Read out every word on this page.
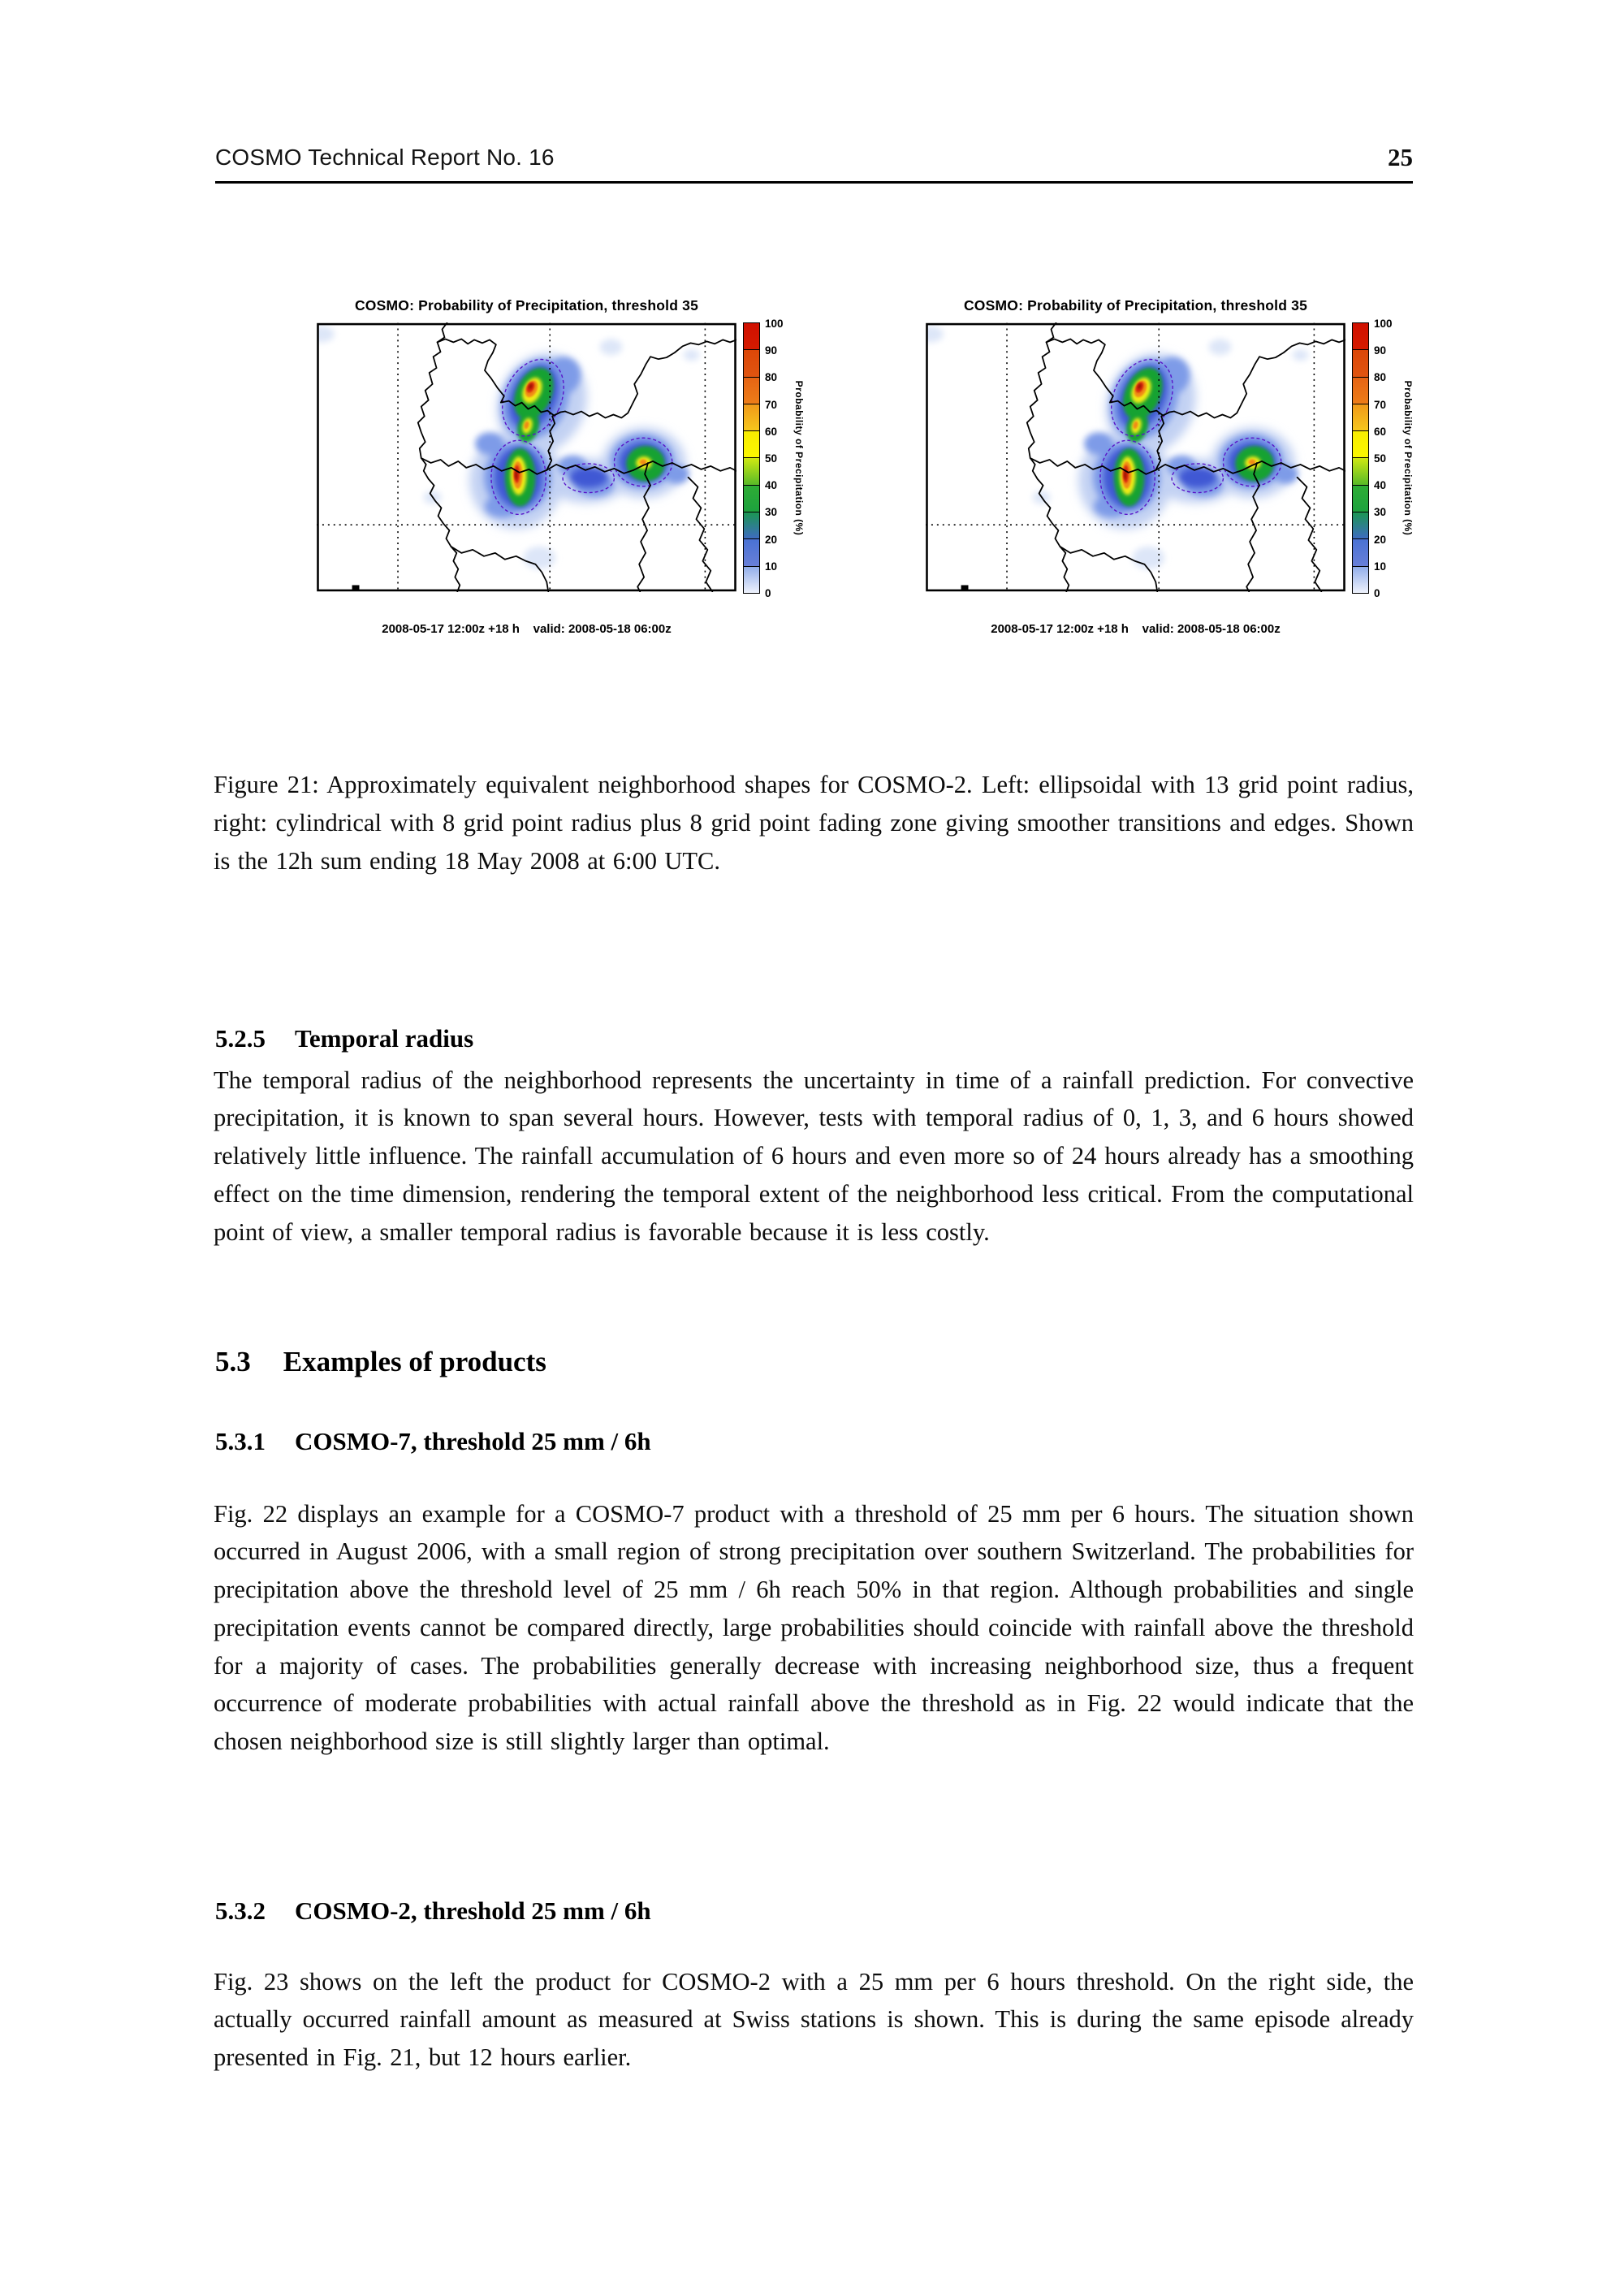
COSMO Technical Report No. 16	25
COSMO: Probability of Precipitation, threshold 35
100
90
80
70
60
50
40
30
20
10
0
Probability of Precipitation (%)
2008-05-17 12:00z +18 h    valid: 2008-05-18 06:00z
COSMO: Probability of Precipitation, threshold 35
100
90
80
70
60
50
40
30
20
10
0
Probability of Precipitation (%)
2008-05-17 12:00z +18 h    valid: 2008-05-18 06:00z

Figure 21: Approximately equivalent neighborhood shapes for COSMO-2. Left: ellipsoidal with 13 grid point radius, right: cylindrical with 8 grid point radius plus 8 grid point fading zone giving smoother transitions and edges. Shown is the 12h sum ending 18 May 2008 at 6:00 UTC.

5.2.5 Temporal radius

The temporal radius of the neighborhood represents the uncertainty in time of a rainfall prediction. For convective precipitation, it is known to span several hours. However, tests with temporal radius of 0, 1, 3, and 6 hours showed relatively little influence. The rainfall accumulation of 6 hours and even more so of 24 hours already has a smoothing effect on the time dimension, rendering the temporal extent of the neighborhood less critical. From the computational point of view, a smaller temporal radius is favorable because it is less costly.

5.3 Examples of products
5.3.1 COSMO-7, threshold 25 mm / 6h

Fig. 22 displays an example for a COSMO-7 product with a threshold of 25 mm per 6 hours. The situation shown occurred in August 2006, with a small region of strong precipitation over southern Switzerland. The probabilities for precipitation above the threshold level of 25 mm / 6h reach 50% in that region. Although probabilities and single precipitation events cannot be compared directly, large probabilities should coincide with rainfall above the threshold for a majority of cases. The probabilities generally decrease with increasing neighborhood size, thus a frequent occurrence of moderate probabilities with actual rainfall above the threshold as in Fig. 22 would indicate that the chosen neighborhood size is still slightly larger than optimal.

5.3.2 COSMO-2, threshold 25 mm / 6h

Fig. 23 shows on the left the product for COSMO-2 with a 25 mm per 6 hours threshold. On the right side, the actually occurred rainfall amount as measured at Swiss stations is shown. This is during the same episode already presented in Fig. 21, but 12 hours earlier.
